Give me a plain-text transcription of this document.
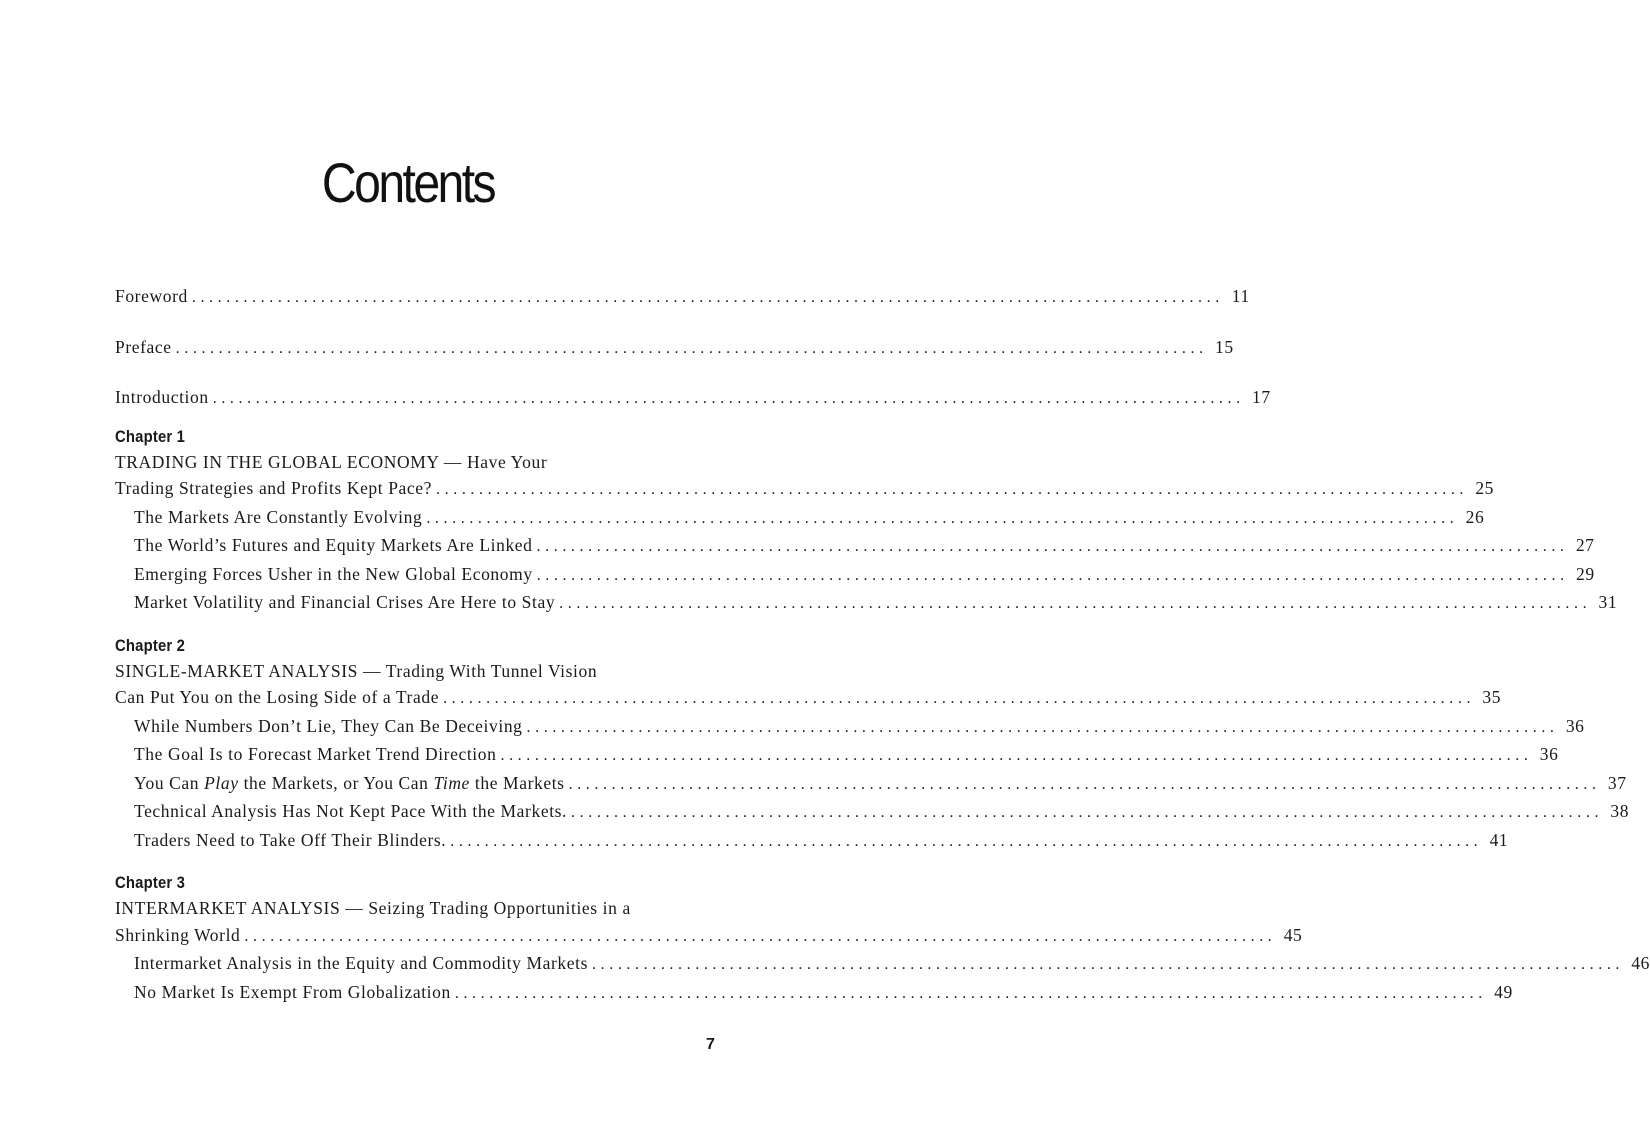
Contents
Foreword ........................................................................................................................ 11
Preface ........................................................................................................................ 15
Introduction ........................................................................................................................ 17
Chapter 1
TRADING IN THE GLOBAL ECONOMY — Have Your
Trading Strategies and Profits Kept Pace? ........................................................................................................................ 25
The Markets Are Constantly Evolving ........................................................................................................................ 26
The World’s Futures and Equity Markets Are Linked ........................................................................................................................ 27
Emerging Forces Usher in the New Global Economy ........................................................................................................................ 29
Market Volatility and Financial Crises Are Here to Stay ........................................................................................................................ 31
Chapter 2
SINGLE-MARKET ANALYSIS — Trading With Tunnel Vision
Can Put You on the Losing Side of a Trade ........................................................................................................................ 35
While Numbers Don’t Lie, They Can Be Deceiving ........................................................................................................................ 36
The Goal Is to Forecast Market Trend Direction ........................................................................................................................ 36
You Can Play the Markets, or You Can Time the Markets ........................................................................................................................ 37
Technical Analysis Has Not Kept Pace With the Markets. ........................................................................................................................ 38
Traders Need to Take Off Their Blinders. ........................................................................................................................ 41
Chapter 3
INTERMARKET ANALYSIS — Seizing Trading Opportunities in a
Shrinking World ........................................................................................................................ 45
Intermarket Analysis in the Equity and Commodity Markets ........................................................................................................................ 46
No Market Is Exempt From Globalization ........................................................................................................................ 49
7
